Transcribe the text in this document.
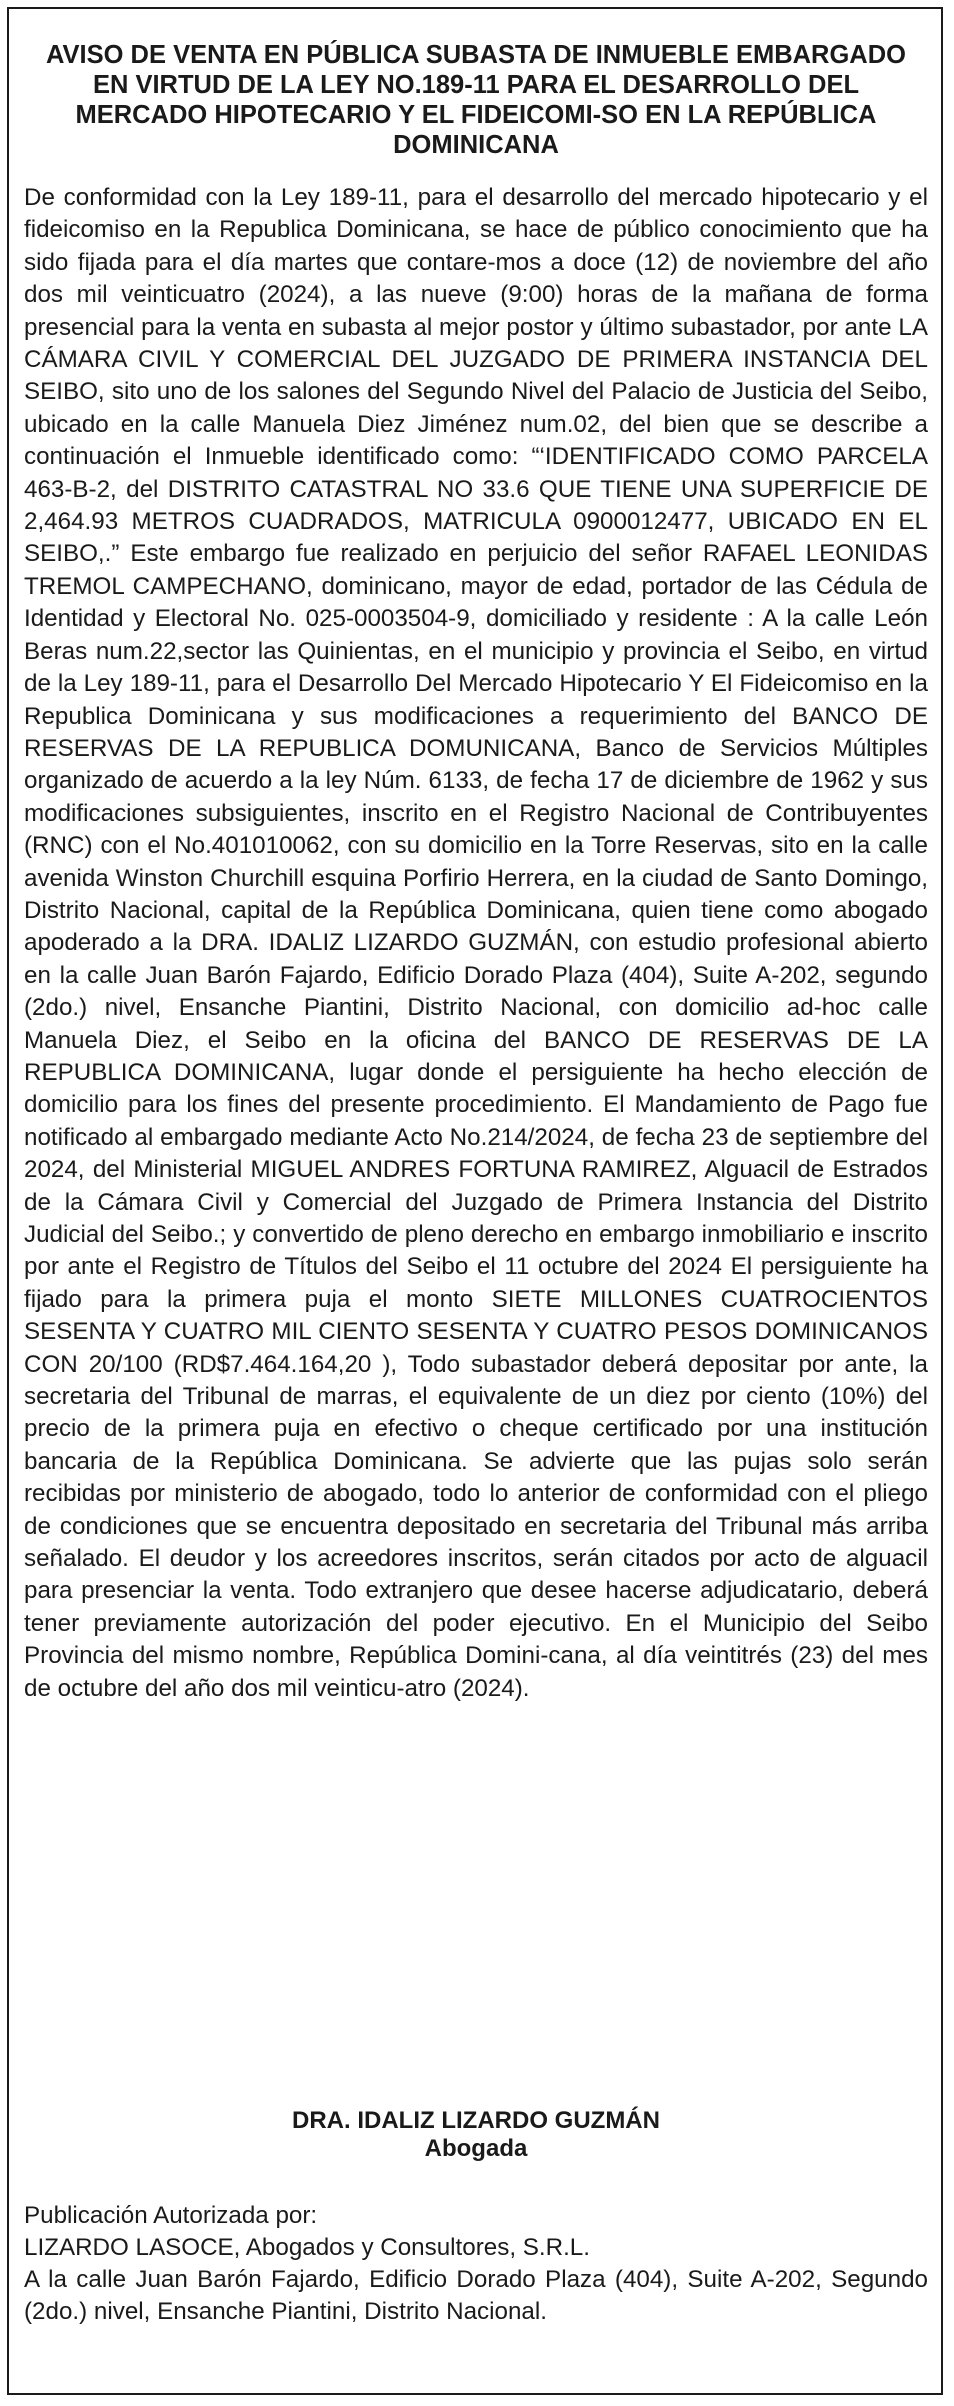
AVISO DE VENTA EN PÚBLICA SUBASTA DE INMUEBLE EMBARGADO EN VIRTUD DE LA LEY NO.189-11 PARA EL DESARROLLO DEL MERCADO HIPOTECARIO Y EL FIDEICOMI-SO EN LA REPÚBLICA DOMINICANA
De conformidad con la Ley 189-11, para el desarrollo del mercado hipotecario y el fideicomiso en la Republica Dominicana, se hace de público conocimiento que ha sido fijada para el día martes que contare-mos a doce (12) de noviembre del año dos mil veinticuatro (2024), a las nueve (9:00) horas de la mañana de forma presencial para la venta en subasta al mejor postor y último subastador, por ante LA CÁMARA CIVIL Y COMERCIAL DEL JUZGADO DE PRIMERA INSTANCIA DEL SEIBO, sito uno de los salones del Segundo Nivel del Palacio de Justicia del Seibo, ubicado en la calle Manuela Diez Jiménez num.02, del bien que se describe a continuación el Inmueble identificado como: “‘IDENTIFICADO COMO PARCELA 463-B-2, del DISTRITO CATASTRAL NO 33.6 QUE TIENE UNA SUPERFICIE DE 2,464.93 METROS CUADRADOS, MATRICULA 0900012477, UBICADO EN EL SEIBO,.” Este embargo fue realizado en perjuicio del señor RAFAEL LEONIDAS TREMOL CAMPECHANO, dominicano, mayor de edad, portador de las Cédula de Identidad y Electoral No. 025-0003504-9, domiciliado y residente : A la calle León Beras num.22,sector las Quinientas, en el municipio y provincia el Seibo, en virtud de la Ley 189-11, para el Desarrollo Del Mercado Hipotecario Y El Fideicomiso en la Republica Dominicana y sus modificaciones a requerimiento del BANCO DE RESERVAS DE LA REPUBLICA DOMUNICANA, Banco de Servicios Múltiples organizado de acuerdo a la ley Núm. 6133, de fecha 17 de diciembre de 1962 y sus modificaciones subsiguientes, inscrito en el Registro Nacional de Contribuyentes (RNC) con el No.401010062, con su domicilio en la Torre Reservas, sito en la calle avenida Winston Churchill esquina Porfirio Herrera, en la ciudad de Santo Domingo, Distrito Nacional, capital de la República Dominicana, quien tiene como abogado apoderado a la DRA. IDALIZ LIZARDO GUZMÁN, con estudio profesional abierto en la calle Juan Barón Fajardo, Edificio Dorado Plaza (404), Suite A-202, segundo (2do.) nivel, Ensanche Piantini, Distrito Nacional, con domicilio ad-hoc calle Manuela Diez, el Seibo en la oficina del BANCO DE RESERVAS DE LA REPUBLICA DOMINICANA, lugar donde el persiguiente ha hecho elección de domicilio para los fines del presente procedimiento. El Mandamiento de Pago fue notificado al embargado mediante Acto No.214/2024, de fecha 23 de septiembre del 2024, del Ministerial MIGUEL ANDRES FORTUNA RAMIREZ, Alguacil de Estrados de la Cámara Civil y Comercial del Juzgado de Primera Instancia del Distrito Judicial del Seibo.; y convertido de pleno derecho en embargo inmobiliario e inscrito por ante el Registro de Títulos del Seibo el 11 octubre del 2024 El persiguiente ha fijado para la primera puja el monto SIETE MILLONES CUATROCIENTOS SESENTA Y CUATRO MIL CIENTO SESENTA Y CUATRO PESOS DOMINICANOS CON 20/100 (RD$7.464.164,20 ), Todo subastador deberá depositar por ante, la secretaria del Tribunal de marras, el equivalente de un diez por ciento (10%) del precio de la primera puja en efectivo o cheque certificado por una institución bancaria de la República Dominicana. Se advierte que las pujas solo serán recibidas por ministerio de abogado, todo lo anterior de conformidad con el pliego de condiciones que se encuentra depositado en secretaria del Tribunal más arriba señalado. El deudor y los acreedores inscritos, serán citados por acto de alguacil para presenciar la venta. Todo extranjero que desee hacerse adjudicatario, deberá tener previamente autorización del poder ejecutivo. En el Municipio del Seibo Provincia del mismo nombre, República Domini-cana, al día veintitrés (23) del mes de octubre del año dos mil veinticu-atro (2024).
DRA. IDALIZ LIZARDO GUZMÁN
Abogada
Publicación Autorizada por:
LIZARDO LASOCE, Abogados y Consultores, S.R.L.
A la calle Juan Barón Fajardo, Edificio Dorado Plaza (404), Suite A-202, Segundo (2do.) nivel, Ensanche Piantini, Distrito Nacional.
